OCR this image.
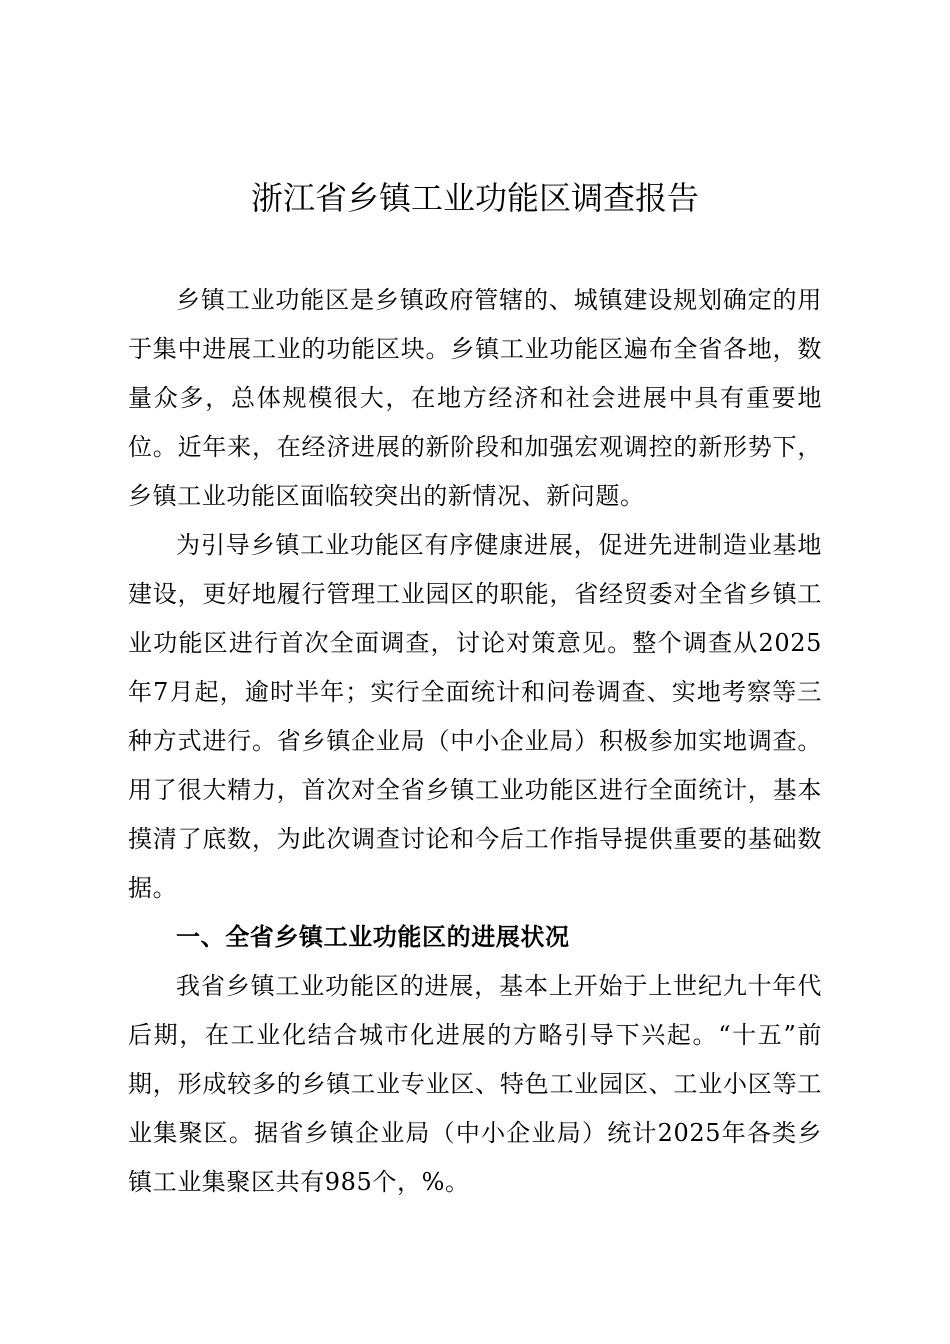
浙江省乡镇工业功能区调查报告

乡镇工业功能区是乡镇政府管辖的、城镇建设规划确定的用于集中进展工业的功能区块。乡镇工业功能区遍布全省各地，数量众多，总体规模很大，在地方经济和社会进展中具有重要地位。近年来，在经济进展的新阶段和加强宏观调控的新形势下，乡镇工业功能区面临较突出的新情况、新问题。

为引导乡镇工业功能区有序健康进展，促进先进制造业基地建设，更好地履行管理工业园区的职能，省经贸委对全省乡镇工业功能区进行首次全面调查，讨论对策意见。整个调查从2025年7月起，逾时半年；实行全面统计和问卷调查、实地考察等三种方式进行。省乡镇企业局（中小企业局）积极参加实地调查。用了很大精力，首次对全省乡镇工业功能区进行全面统计，基本摸清了底数，为此次调查讨论和今后工作指导提供重要的基础数据。

一、全省乡镇工业功能区的进展状况

我省乡镇工业功能区的进展，基本上开始于上世纪九十年代后期，在工业化结合城市化进展的方略引导下兴起。“十五”前期，形成较多的乡镇工业专业区、特色工业园区、工业小区等工业集聚区。据省乡镇企业局（中小企业局）统计2025年各类乡镇工业集聚区共有985个，%。
